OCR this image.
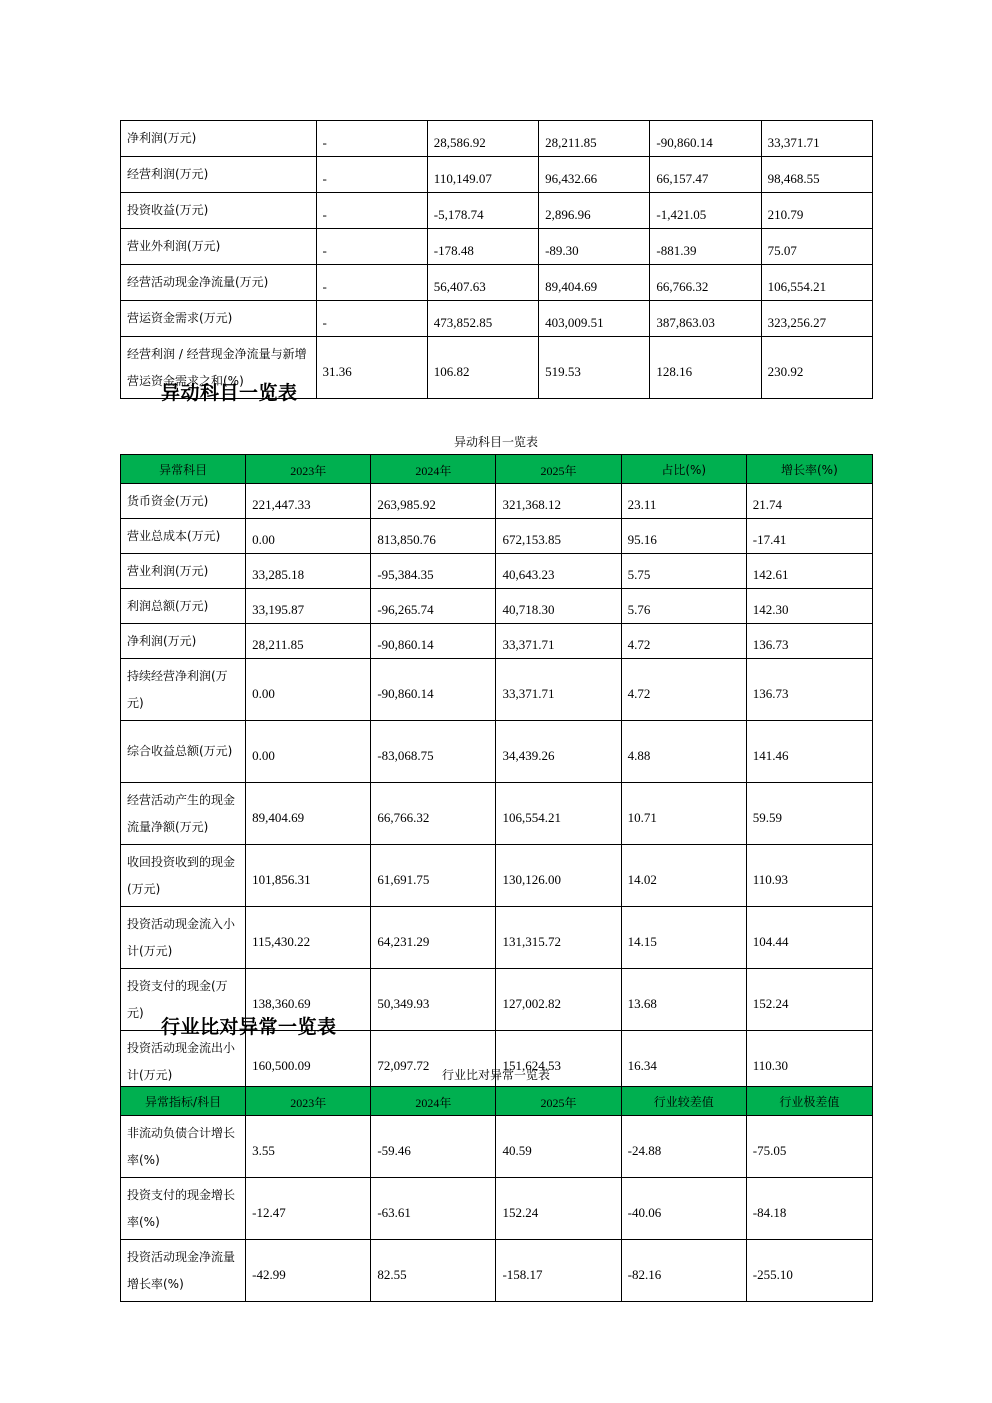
净利润(万元)	-	28,586.92	28,211.85	-90,860.14	33,371.71
经营利润(万元)	-	110,149.07	96,432.66	66,157.47	98,468.55
投资收益(万元)	-	-5,178.74	2,896.96	-1,421.05	210.79
营业外利润(万元)	-	-178.48	-89.30	-881.39	75.07
经营活动现金净流量(万元)	-	56,407.63	89,404.69	66,766.32	106,554.21
营运资金需求(万元)	-	473,852.85	403,009.51	387,863.03	323,256.27
经营利润 / 经营现金净流量与新增营运资金需求之和(%)	31.36	106.82	519.53	128.16	230.92
异动科目一览表

异动科目一览表

异常科目	2023年	2024年	2025年	占比(%)	增长率(%)
货币资金(万元)	221,447.33	263,985.92	321,368.12	23.11	21.74
营业总成本(万元)	0.00	813,850.76	672,153.85	95.16	-17.41
营业利润(万元)	33,285.18	-95,384.35	40,643.23	5.75	142.61
利润总额(万元)	33,195.87	-96,265.74	40,718.30	5.76	142.30
净利润(万元)	28,211.85	-90,860.14	33,371.71	4.72	136.73
持续经营净利润(万元)	0.00	-90,860.14	33,371.71	4.72	136.73
综合收益总额(万元)	0.00	-83,068.75	34,439.26	4.88	141.46
经营活动产生的现金流量净额(万元)	89,404.69	66,766.32	106,554.21	10.71	59.59
收回投资收到的现金(万元)	101,856.31	61,691.75	130,126.00	14.02	110.93
投资活动现金流入小计(万元)	115,430.22	64,231.29	131,315.72	14.15	104.44
投资支付的现金(万元)	138,360.69	50,349.93	127,002.82	13.68	152.24
投资活动现金流出小计(万元)	160,500.09	72,097.72	151,624.53	16.34	110.30
行业比对异常一览表

行业比对异常一览表

异常指标/科目	2023年	2024年	2025年	行业较差值	行业极差值
非流动负债合计增长率(%)	3.55	-59.46	40.59	-24.88	-75.05
投资支付的现金增长率(%)	-12.47	-63.61	152.24	-40.06	-84.18
投资活动现金净流量增长率(%)	-42.99	82.55	-158.17	-82.16	-255.10
